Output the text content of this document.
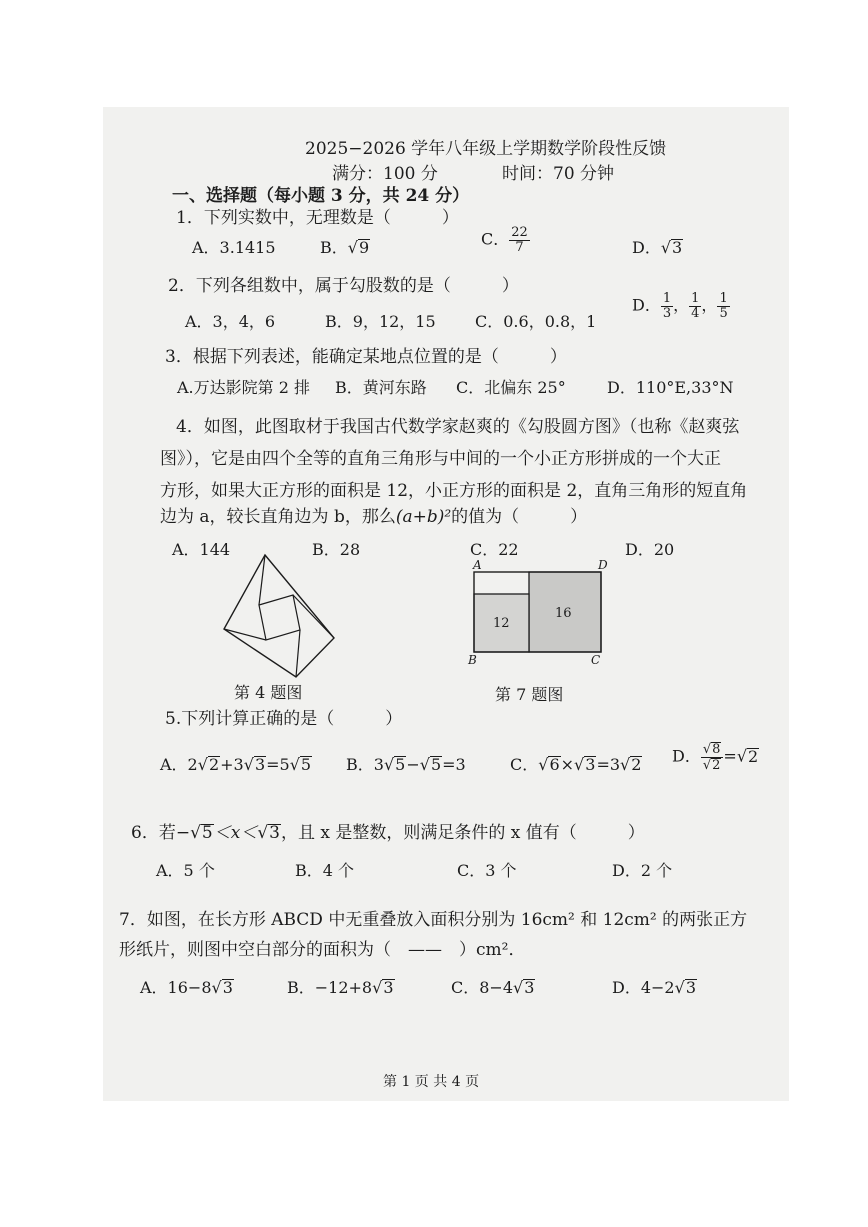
2025−2026 学年八年级上学期数学阶段性反馈
满分：100 分	时间：70 分钟
一、选择题（每小题 3 分，共 24 分）
1．下列实数中，无理数是（　　　）
A．3.1415	B．√9	C． $\frac{22}{7}$	D．√3
2．下列各组数中，属于勾股数的是（　　　）
A．3，4，6	B．9，12，15 C．0.6，0.8，1
D． $\frac{1}{3}$ ， $\frac{1}{4}$ ， $\frac{1}{5}$
3．根据下列表述，能确定某地点位置的是（　　　）
A.万达影院第 2 排 B．黄河东路 C．北偏东 25°	D．110°E,33°N
4．如图，此图取材于我国古代数学家赵爽的《勾股圆方图》（也称《赵爽弦
图》），它是由四个全等的直角三角形与中间的一个小正方形拼成的一个大正
方形，如果大正方形的面积是 12，小正方形的面积是 2，直角三角形的短直角
边为 a，较长直角边为 b，那么(a+b)²的值为（　　　）
A．144	B．28	C．22	D．20
第 4 题图
A	D
B	C
12
16
第 7 题图
5.下列计算正确的是（　　　）
A．2√2+3√3=5√5 B．3√5−√5=3	C．√6×√3=3√2 D． $\frac{√8}{√2} =√2$
6．若−√5＜x＜√3，且 x 是整数，则满足条件的 x 值有（　　　）
A．5 个	B．4 个	C．3 个	D．2 个
7．如图，在长方形 ABCD 中无重叠放入面积分别为 16cm² 和 12cm² 的两张正方
形纸片，则图中空白部分的面积为（　——　）cm²．
A．16−8√3	B．−12+8√3	C．8−4√3	D．4−2√3
第 1 页 共 4 页
